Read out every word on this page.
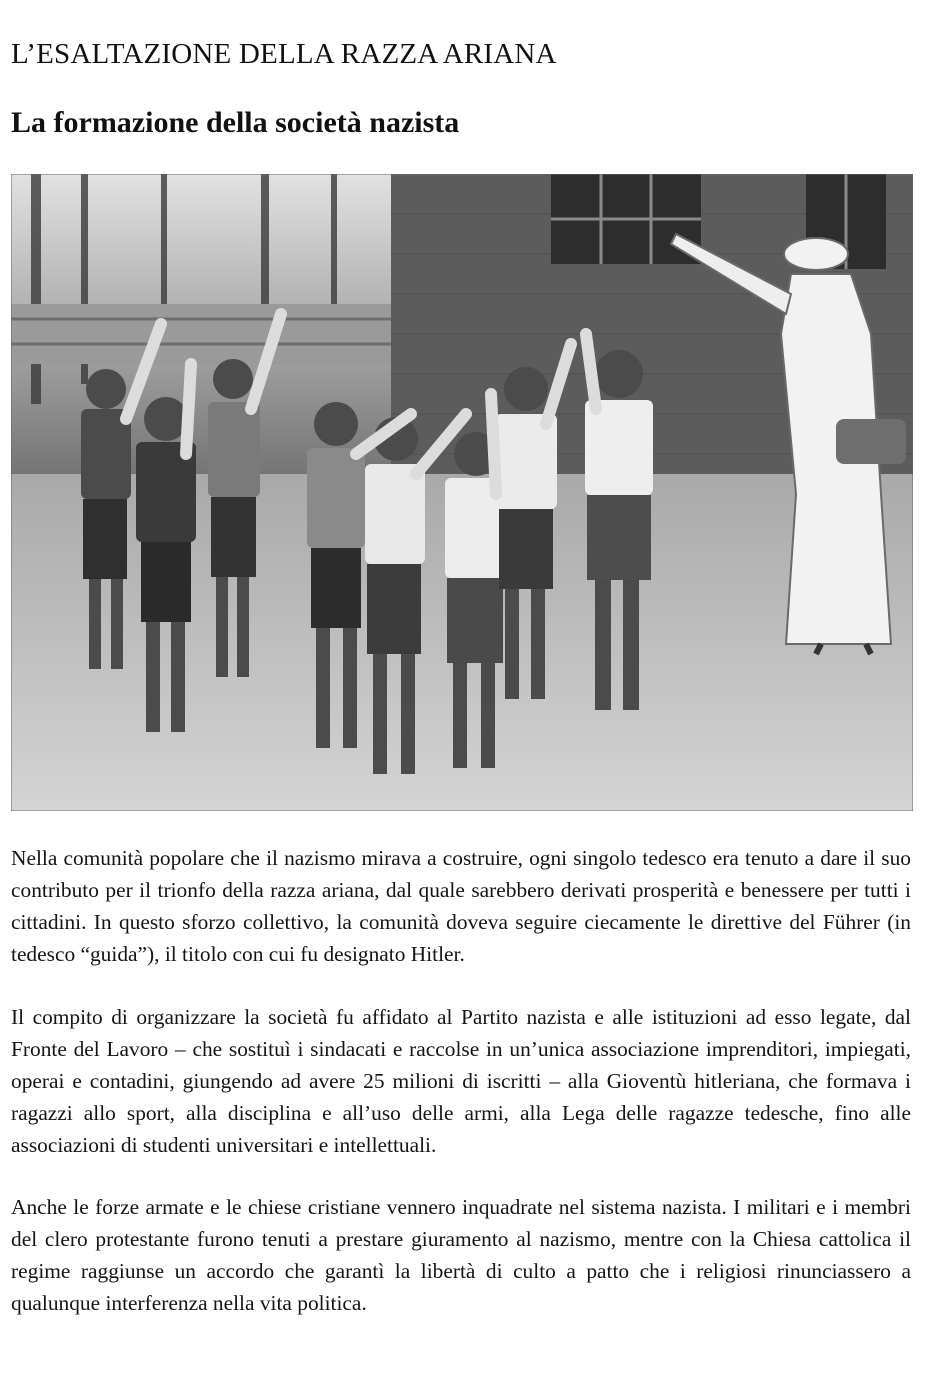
L’ESALTAZIONE DELLA RAZZA ARIANA
La formazione della società nazista

Nella comunità popolare che il nazismo mirava a costruire, ogni singolo tedesco era tenuto a dare il suo contributo per il trionfo della razza ariana, dal quale sarebbero derivati prosperità e benessere per tutti i cittadini. In questo sforzo collettivo, la comunità doveva seguire ciecamente le direttive del Führer (in tedesco “guida”), il titolo con cui fu designato Hitler.

Il compito di organizzare la società fu affidato al Partito nazista e alle istituzioni ad esso legate, dal Fronte del Lavoro – che sostituì i sindacati e raccolse in un’unica associazione imprenditori, impiegati, operai e contadini, giungendo ad avere 25 milioni di iscritti – alla Gioventù hitleriana, che formava i ragazzi allo sport, alla disciplina e all’uso delle armi, alla Lega delle ragazze tedesche, fino alle associazioni di studenti universitari e intellettuali.

Anche le forze armate e le chiese cristiane vennero inquadrate nel sistema nazista. I militari e i membri del clero protestante furono tenuti a prestare giuramento al nazismo, mentre con la Chiesa cattolica il regime raggiunse un accordo che garantì la libertà di culto a patto che i religiosi rinunciassero a qualunque interferenza nella vita politica.
